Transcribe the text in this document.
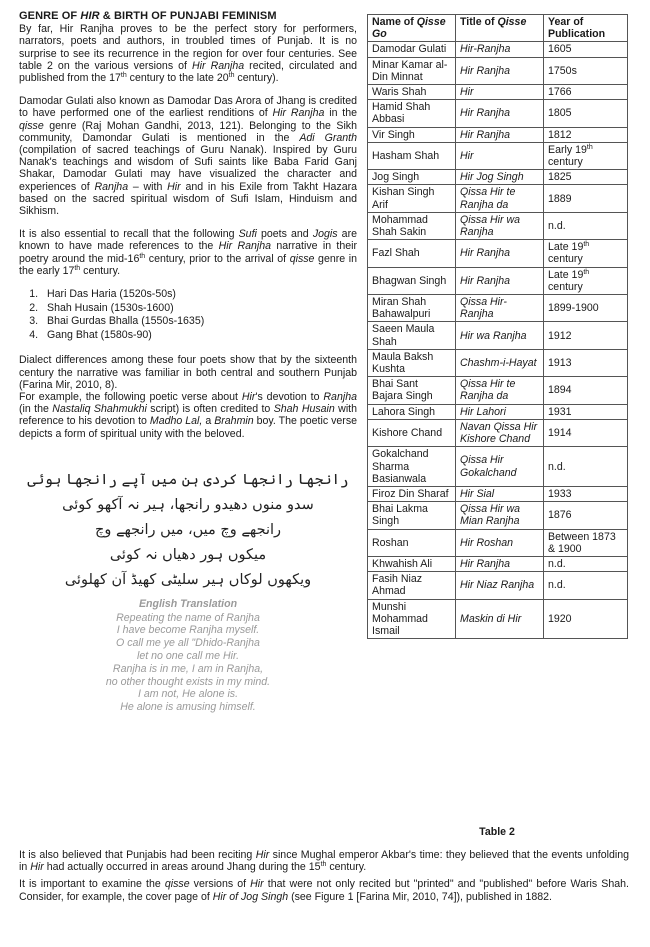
GENRE OF HIR & BIRTH OF PUNJABI FEMINISM

By far, Hir Ranjha proves to be the perfect story for performers, narrators, poets and authors, in troubled times of Punjab. It is no surprise to see its recurrence in the region for over four centuries. See table 2 on the various versions of Hir Ranjha recited, circulated and published from the 17th century to the late 20th century).

Damodar Gulati also known as Damodar Das Arora of Jhang is credited to have performed one of the earliest renditions of Hir Ranjha in the qisse genre (Raj Mohan Gandhi, 2013, 121). Belonging to the Sikh community, Damondar Gulati is mentioned in the Adi Granth (compilation of sacred teachings of Guru Nanak). Inspired by Guru Nanak's teachings and wisdom of Sufi saints like Baba Farid Ganj Shakar, Damodar Gulati may have visualized the character and experiences of Ranjha – with Hir and in his Exile from Takht Hazara based on the sacred spiritual wisdom of Sufi Islam, Hinduism and Sikhism.

It is also essential to recall that the following Sufi poets and Jogis are known to have made references to the Hir Ranjha narrative in their poetry around the mid-16th century, prior to the arrival of qisse genre in the early 17th century.

1. Hari Das Haria (1520s-50s)
2. Shah Husain (1530s-1600)
3. Bhai Gurdas Bhalla (1550s-1635)
4. Gang Bhat (1580s-90)

Dialect differences among these four poets show that by the sixteenth century the narrative was familiar in both central and southern Punjab (Farina Mir, 2010, 8).

For example, the following poetic verse about Hir's devotion to Ranjha (in the Nastaliq Shahmukhi script) is often credited to Shah Husain with reference to his devotion to Madho Lal, a Brahmin boy. The poetic verse depicts a form of spiritual unity with the beloved.

رانجھا رانجھا کردی ہن میں آپے رانجھا ہوئی
سدو منوں دھیدو رانجھا، ہیر نہ آکھو کوئی
رانجھے وچ میں، میں رانجھے وچ
میکوں ہور دھیاں نہ کوئی
ویکھوں لوکاں ہیر سلیٹی کھیڈ آن کھلوئی
English Translation
Repeating the name of Ranjha
I have become Ranjha myself.
O call me ye all "Dhido-Ranjha
let no one call me Hir.
Ranjha is in me, I am in Ranjha,
no other thought exists in my mind.
I am not, He alone is.
He alone is amusing himself.
Name of Qisse Go	Title of Qisse	Year of Publication
Damodar Gulati	Hir-Ranjha	1605
Minar Kamar al-Din Minnat	Hir Ranjha	1750s
Waris Shah	Hir	1766
Hamid Shah Abbasi	Hir Ranjha	1805
Vir Singh	Hir Ranjha	1812
Hasham Shah	Hir	Early 19th century
Jog Singh	Hir Jog Singh	1825
Kishan Singh Arif	Qissa Hir te Ranjha da	1889
Mohammad Shah Sakin	Qissa Hir wa Ranjha	n.d.
Fazl Shah	Hir Ranjha	Late 19th century
Bhagwan Singh	Hir Ranjha	Late 19th century
Miran Shah Bahawalpuri	Qissa Hir-Ranjha	1899-1900
Saeen Maula Shah	Hir wa Ranjha	1912
Maula Baksh Kushta	Chashm-i-Hayat	1913
Bhai Sant Bajara Singh	Qissa Hir te Ranjha da	1894
Lahora Singh	Hir Lahori	1931
Kishore Chand	Navan Qissa Hir Kishore Chand	1914
Gokalchand Sharma Basianwala	Qissa Hir Gokalchand	n.d.
Firoz Din Sharaf	Hir Sial	1933
Bhai Lakma Singh	Qissa Hir wa Mian Ranjha	1876
Roshan	Hir Roshan	Between 1873 & 1900
Khwahish Ali	Hir Ranjha	n.d.
Fasih Niaz Ahmad	Hir Niaz Ranjha	n.d.
Munshi Mohammad Ismail	Maskin di Hir	1920
Table 2

It is also believed that Punjabis had been reciting Hir since Mughal emperor Akbar's time: they believed that the events unfolding in Hir had actually occurred in areas around Jhang during the 15th century.

It is important to examine the qisse versions of Hir that were not only recited but "printed" and "published" before Waris Shah. Consider, for example, the cover page of Hir of Jog Singh (see Figure 1 [Farina Mir, 2010, 74]), published in 1882.
